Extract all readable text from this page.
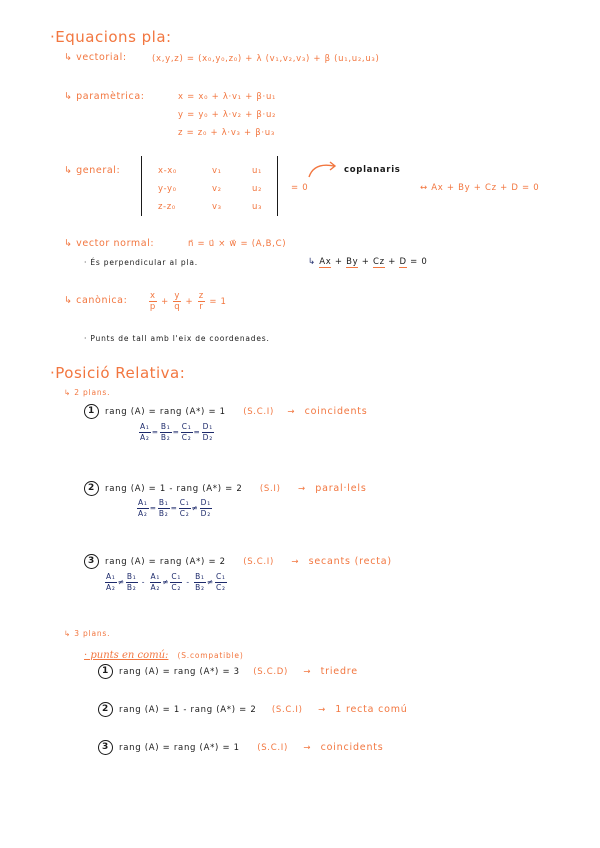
·Equacions pla:
↳ vectorial:	(x,y,z) = (x₀,y₀,z₀) + λ (v₁,v₂,v₃) + β (u₁,u₂,u₃)
↳ paramètrica:	x = x₀ + λ·v₁ + β·u₁
y = y₀ + λ·v₂ + β·u₂
z = z₀ + λ·v₃ + β·u₃
↳ general:	x-x₀	v₁	u₁
y-y₀	v₂	u₂
z-z₀	v₃	u₃
= 0
coplanaris
↔ Ax + By + Cz + D = 0
↳ vector normal:	n⃗ = u⃗ × w⃗ = (A,B,C)
· És perpendicular al pla.	↳ Ax + By + Cz + D = 0
↳ canònica:	$\frac{x}{p} + \frac{y}{q} + \frac{z}{r} = 1$
· Punts de tall amb l'eix de coordenades.
·Posició Relativa:
↳ 2 plans.
1 rang (A) = rang (A*) = 1 (S.C.I) → coincidents
$\frac{\text{A₁}}{\text{A₂}} = \frac{\text{B₁}}{\text{B₂}} = \frac{\text{C₁}}{\text{C₂}} = \frac{\text{D₁}}{\text{D₂}}$
2 rang (A) = 1 - rang (A*) = 2 (S.I) → paral·lels
$\frac{\text{A₁}}{\text{A₂}} = \frac{\text{B₁}}{\text{B₂}} = \frac{\text{C₁}}{\text{C₂}} \ne \frac{\text{D₁}}{\text{D₂}}$
3 rang (A) = rang (A*) = 2 (S.C.I) → secants (recta)
$\frac{\text{A₁}}{\text{A₂}} \ne \frac{\text{B₁}}{\text{B₂}} - \frac{\text{A₁}}{\text{A₂}} \ne \frac{\text{C₁}}{\text{C₂}} - \frac{\text{B₁}}{\text{B₂}} \ne \frac{\text{C₁}}{\text{C₂}}$
↳ 3 plans.
· punts en comú: (S.compatible)
1 rang (A) = rang (A*) = 3 (S.C.D) → triedre
2 rang (A) = 1 - rang (A*) = 2 (S.C.I) → 1 recta comú
3 rang (A) = rang (A*) = 1 (S.C.I) → coincidents
